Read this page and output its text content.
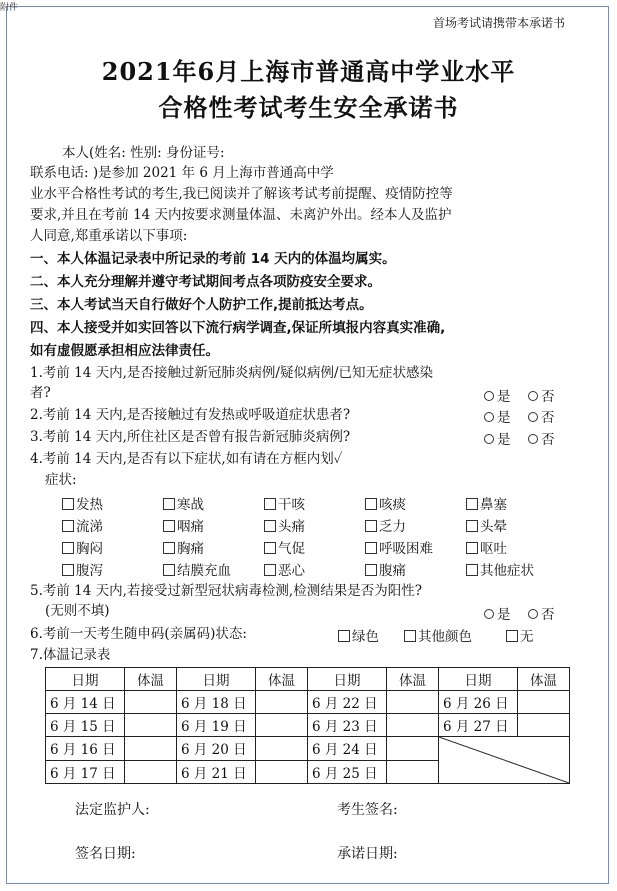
附件
首场考试请携带本承诺书
2021年6月上海市普通高中学业水平
合格性考试考生安全承诺书
本人(姓名: 性别: 身份证号:
联系电话: )是参加 2021 年 6 月上海市普通高中学
业水平合格性考试的考生,我已阅读并了解该考试考前提醒、疫情防控等
要求,并且在考前 14 天内按要求测量体温、未离沪外出。经本人及监护
人同意,郑重承诺以下事项:
一、本人体温记录表中所记录的考前 14 天内的体温均属实。
二、本人充分理解并遵守考试期间考点各项防疫安全要求。
三、本人考试当天自行做好个人防护工作,提前抵达考点。
四、本人接受并如实回答以下流行病学调查,保证所填报内容真实准确,
如有虚假愿承担相应法律责任。
1.考前 14 天内,是否接触过新冠肺炎病例/疑似病例/已知无症状感染
者?	是	否
2.考前 14 天内,是否接触过有发热或呼吸道症状患者?	是	否
3.考前 14 天内,所住社区是否曾有报告新冠肺炎病例?	是	否
4.考前 14 天内,是否有以下症状,如有请在方框内划✓
症状:
发热	寒战	干咳	咳痰	鼻塞
流涕	咽痛	头痛	乏力	头晕
胸闷	胸痛	气促	呼吸困难	呕吐
腹泻	结膜充血	恶心	腹痛	其他症状
5.考前 14 天内,若接受过新型冠状病毒检测,检测结果是否为阳性?
(无则不填)	是	否
6.考前一天考生随申码(亲属码)状态:	绿色	其他颜色	无
7.体温记录表
日期	体温	日期	体温	日期	体温	日期	体温
6 月 14 日		6 月 18 日		6 月 22 日		6 月 26 日	
6 月 15 日		6 月 19 日		6 月 23 日		6 月 27 日	
6 月 16 日		6 月 20 日		6 月 24 日		

6 月 17 日		6 月 21 日		6 月 25 日			
法定监护人:	考生签名:
签名日期:	承诺日期:
